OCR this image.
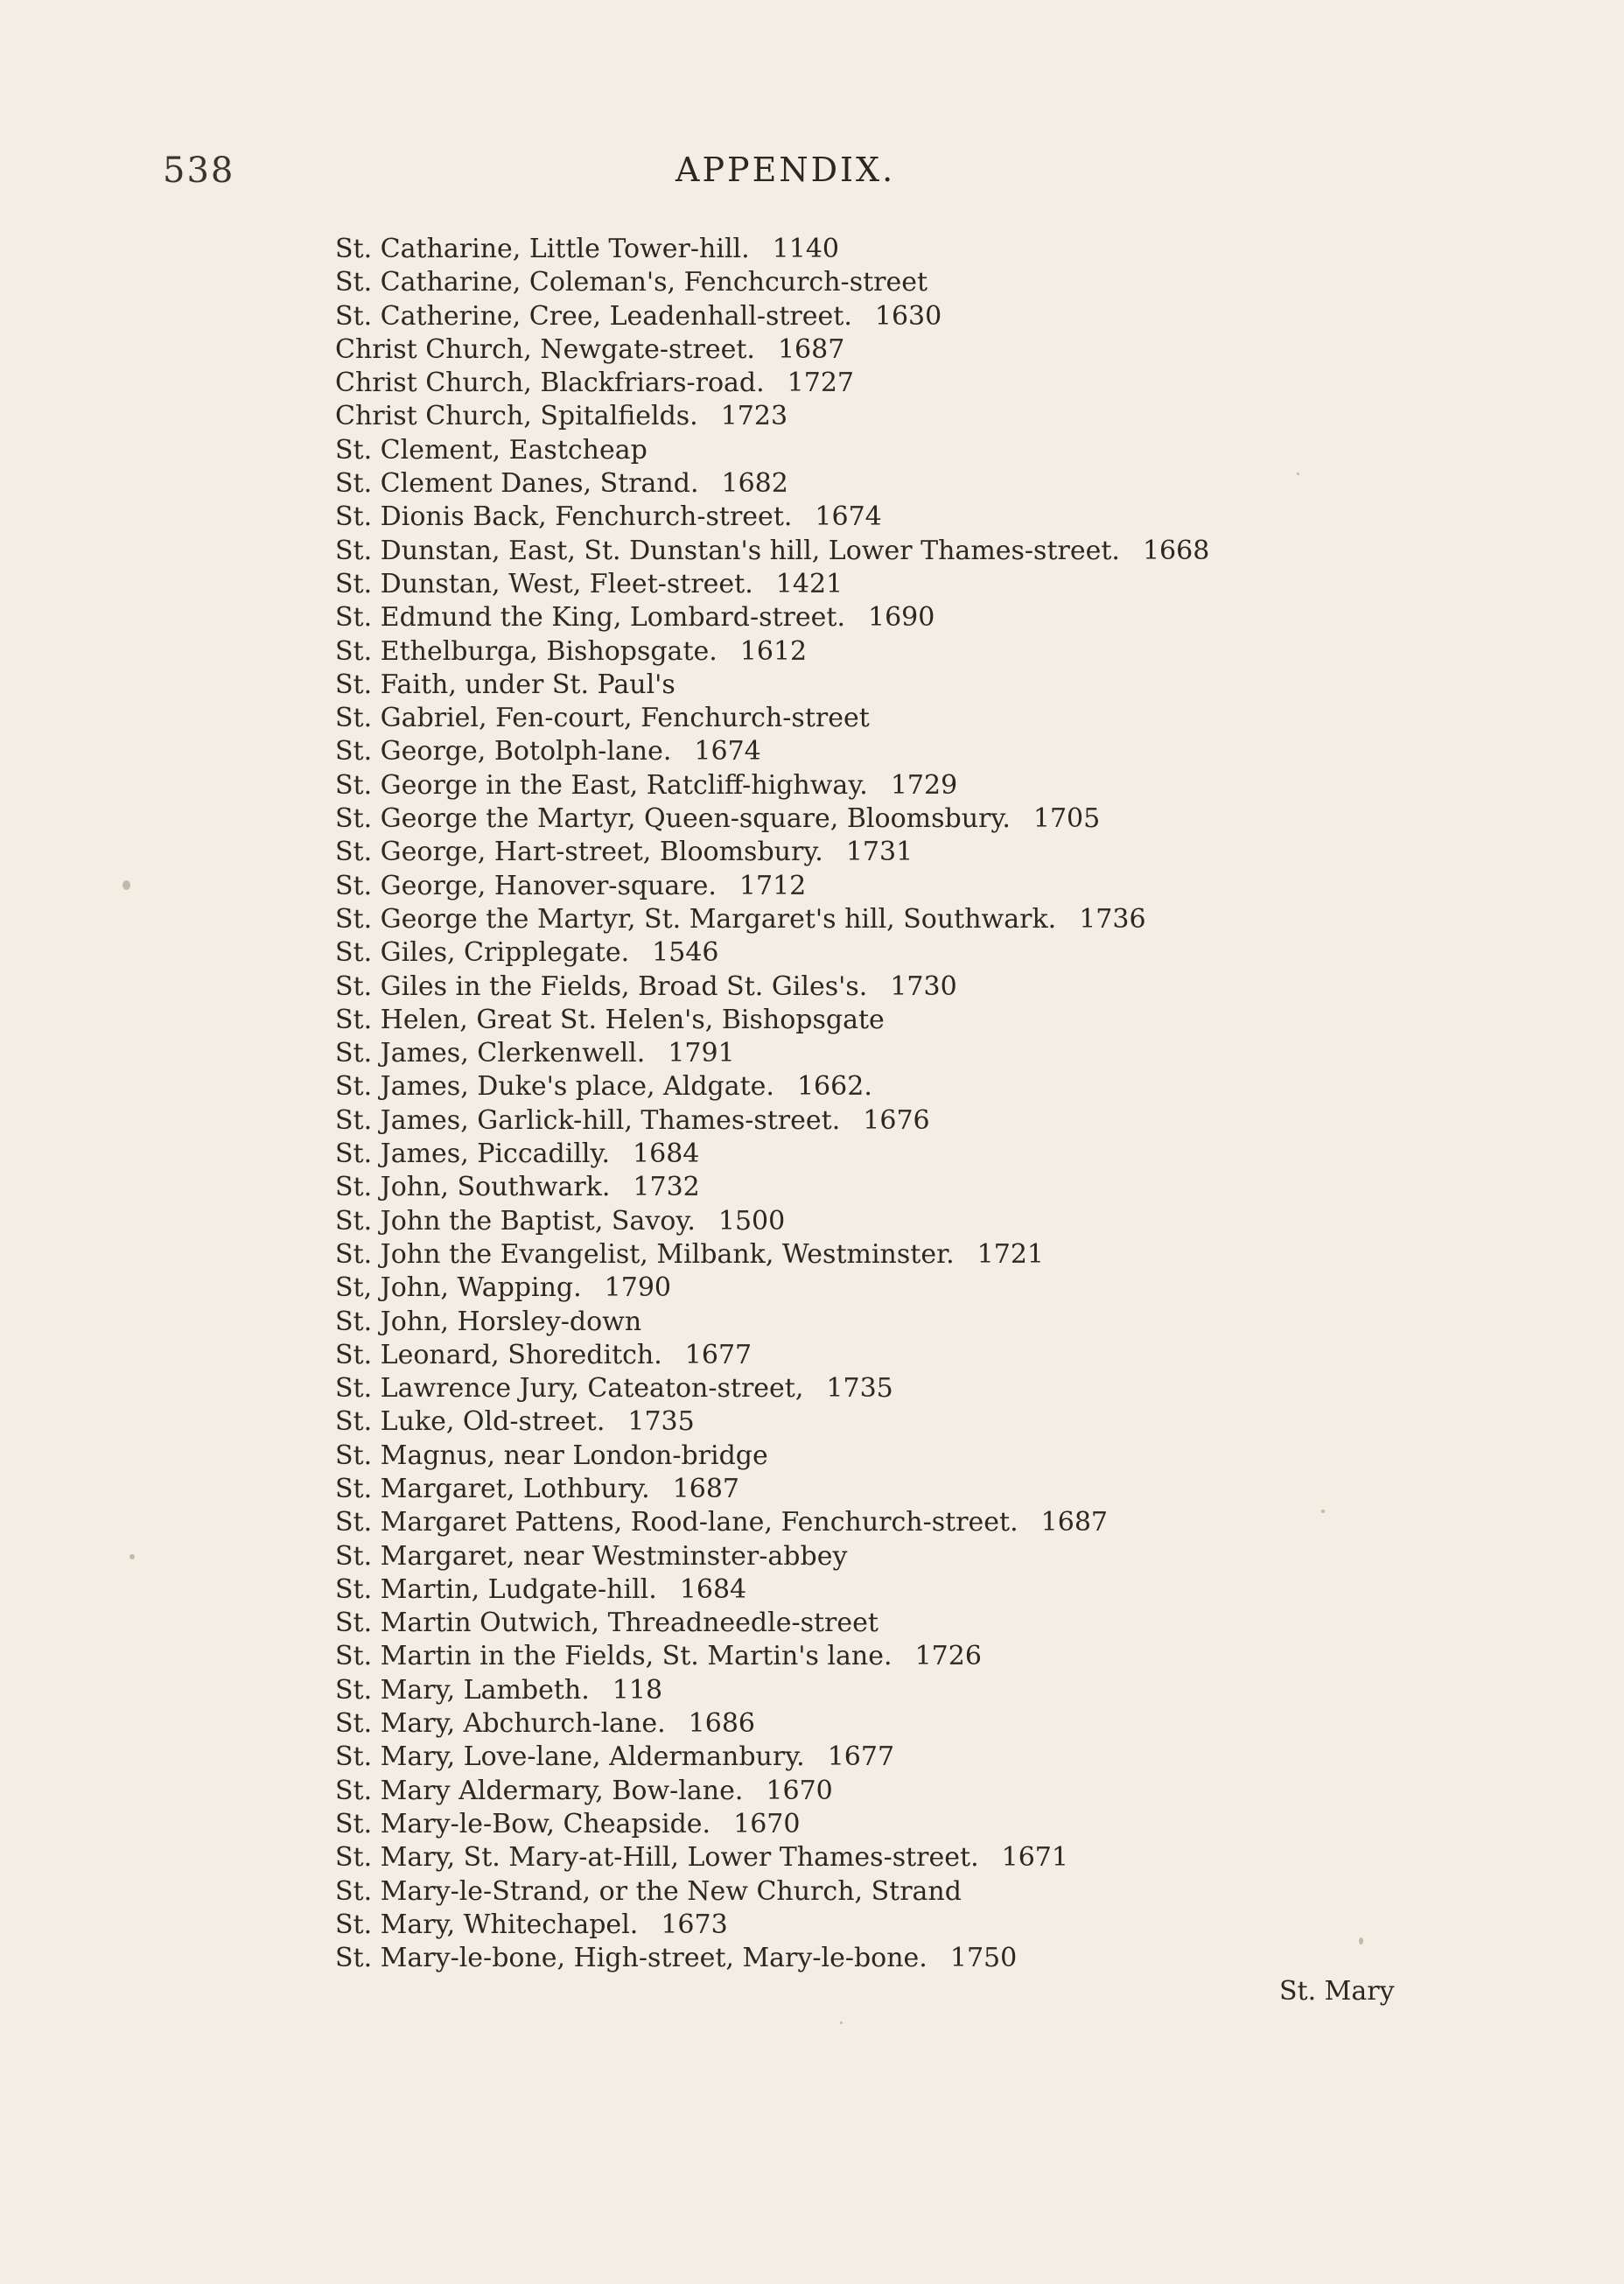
538	APPENDIX.
St. Catharine, Little Tower-hill. 1140
St. Catharine, Coleman's, Fenchcurch-street
St. Catherine, Cree, Leadenhall-street. 1630
Christ Church, Newgate-street. 1687
Christ Church, Blackfriars-road. 1727
Christ Church, Spitalfields. 1723
St. Clement, Eastcheap
St. Clement Danes, Strand. 1682
St. Dionis Back, Fenchurch-street. 1674
St. Dunstan, East, St. Dunstan's hill, Lower Thames-street. 1668
St. Dunstan, West, Fleet-street. 1421
St. Edmund the King, Lombard-street. 1690
St. Ethelburga, Bishopsgate. 1612
St. Faith, under St. Paul's
St. Gabriel, Fen-court, Fenchurch-street
St. George, Botolph-lane. 1674
St. George in the East, Ratcliff-highway. 1729
St. George the Martyr, Queen-square, Bloomsbury. 1705
St. George, Hart-street, Bloomsbury. 1731
St. George, Hanover-square. 1712
St. George the Martyr, St. Margaret's hill, Southwark. 1736
St. Giles, Cripplegate. 1546
St. Giles in the Fields, Broad St. Giles's. 1730
St. Helen, Great St. Helen's, Bishopsgate
St. James, Clerkenwell. 1791
St. James, Duke's place, Aldgate. 1662.
St. James, Garlick-hill, Thames-street. 1676
St. James, Piccadilly. 1684
St. John, Southwark. 1732
St. John the Baptist, Savoy. 1500
St. John the Evangelist, Milbank, Westminster. 1721
St, John, Wapping. 1790
St. John, Horsley-down
St. Leonard, Shoreditch. 1677
St. Lawrence Jury, Cateaton-street, 1735
St. Luke, Old-street. 1735
St. Magnus, near London-bridge
St. Margaret, Lothbury. 1687
St. Margaret Pattens, Rood-lane, Fenchurch-street. 1687
St. Margaret, near Westminster-abbey
St. Martin, Ludgate-hill. 1684
St. Martin Outwich, Threadneedle-street
St. Martin in the Fields, St. Martin's lane. 1726
St. Mary, Lambeth. 118
St. Mary, Abchurch-lane. 1686
St. Mary, Love-lane, Aldermanbury. 1677
St. Mary Aldermary, Bow-lane. 1670
St. Mary-le-Bow, Cheapside. 1670
St. Mary, St. Mary-at-Hill, Lower Thames-street. 1671
St. Mary-le-Strand, or the New Church, Strand
St. Mary, Whitechapel. 1673
St. Mary-le-bone, High-street, Mary-le-bone. 1750
St. Mary
